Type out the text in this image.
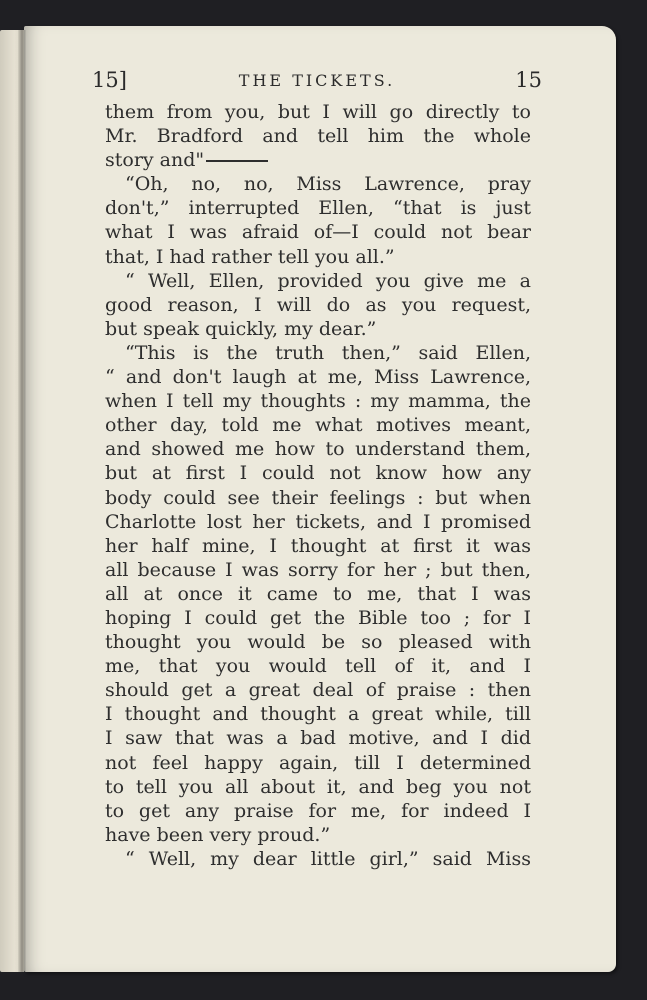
15]	THE TICKETS.	15
them from you, but I will go directly to
Mr. Bradford and tell him the whole
story and"
“Oh, no, no, Miss Lawrence, pray
don't,” interrupted Ellen, “that is just
what I was afraid of—I could not bear
that, I had rather tell you all.”
“ Well, Ellen, provided you give me a
good reason, I will do as you request,
but speak quickly, my dear.”
“This is the truth then,” said Ellen,
“ and don't laugh at me, Miss Lawrence,
when I tell my thoughts : my mamma, the
other day, told me what motives meant,
and showed me how to understand them,
but at first I could not know how any
body could see their feelings : but when
Charlotte lost her tickets, and I promised
her half mine, I thought at first it was
all because I was sorry for her ; but then,
all at once it came to me, that I was
hoping I could get the Bible too ; for I
thought you would be so pleased with
me, that you would tell of it, and I
should get a great deal of praise : then
I thought and thought a great while, till
I saw that was a bad motive, and I did
not feel happy again, till I determined
to tell you all about it, and beg you not
to get any praise for me, for indeed I
have been very proud.”
“ Well, my dear little girl,” said Miss
